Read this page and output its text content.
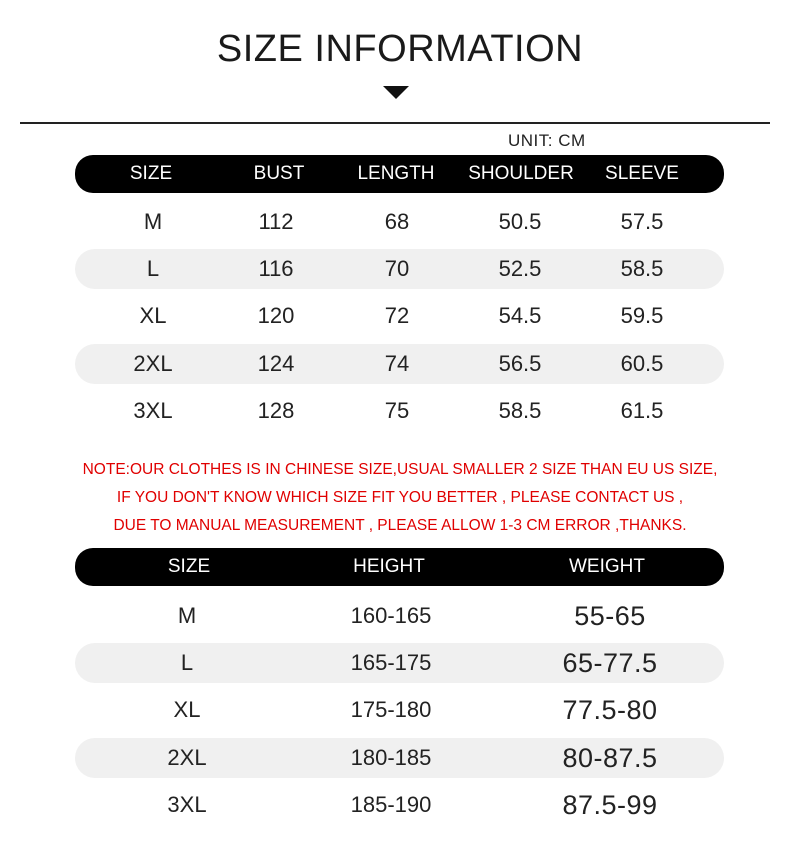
SIZE INFORMATION
UNIT: CM
SIZE	BUST	LENGTH SHOULDER SLEEVE
M	112	68	50.5	57.5
L	116	70	52.5	58.5
XL	120	72	54.5	59.5
2XL	124	74	56.5	60.5
3XL	128	75	58.5	61.5
NOTE:OUR CLOTHES IS IN CHINESE SIZE,USUAL SMALLER 2 SIZE THAN EU US SIZE,
IF YOU DON'T KNOW WHICH SIZE FIT YOU BETTER , PLEASE CONTACT US ,
DUE TO MANUAL MEASUREMENT , PLEASE ALLOW 1-3 CM ERROR ,THANKS.
SIZE	HEIGHT	WEIGHT
M	160-165	55-65
L	165-175	65-77.5
XL	175-180	77.5-80
2XL	180-185	80-87.5
3XL	185-190	87.5-99
